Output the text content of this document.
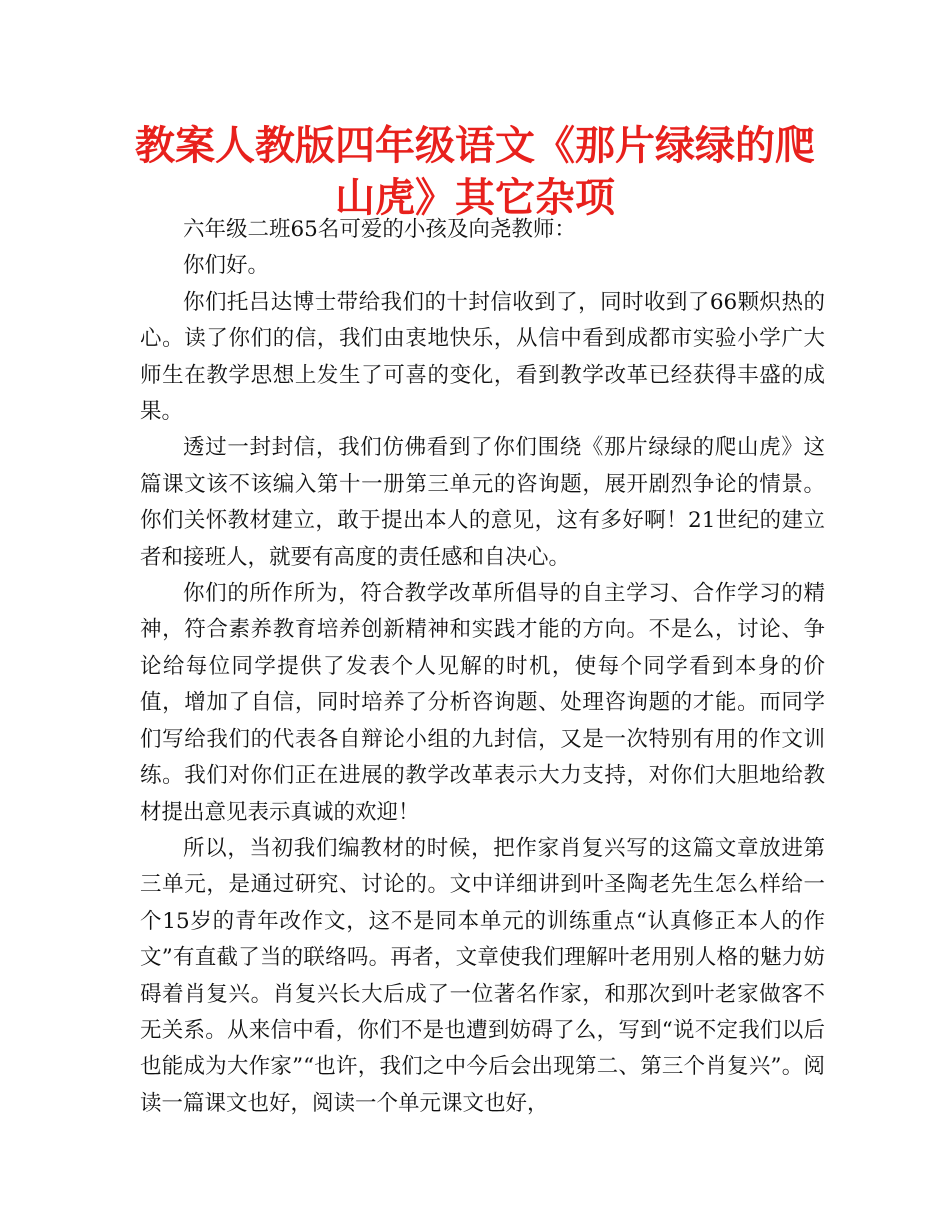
教案人教版四年级语文《那片绿绿的爬山虎》其它杂项

六年级二班65名可爱的小孩及向尧教师：

你们好。

你们托吕达博士带给我们的十封信收到了，同时收到了66颗炽热的心。读了你们的信，我们由衷地快乐，从信中看到成都市实验小学广大师生在教学思想上发生了可喜的变化，看到教学改革已经获得丰盛的成果。

透过一封封信，我们仿佛看到了你们围绕《那片绿绿的爬山虎》这篇课文该不该编入第十一册第三单元的咨询题，展开剧烈争论的情景。你们关怀教材建立，敢于提出本人的意见，这有多好啊！21世纪的建立者和接班人，就要有高度的责任感和自决心。

你们的所作所为，符合教学改革所倡导的自主学习、合作学习的精神，符合素养教育培养创新精神和实践才能的方向。不是么，讨论、争论给每位同学提供了发表个人见解的时机，使每个同学看到本身的价值，增加了自信，同时培养了分析咨询题、处理咨询题的才能。而同学们写给我们的代表各自辩论小组的九封信，又是一次特别有用的作文训练。我们对你们正在进展的教学改革表示大力支持，对你们大胆地给教材提出意见表示真诚的欢迎！

所以，当初我们编教材的时候，把作家肖复兴写的这篇文章放进第三单元，是通过研究、讨论的。文中详细讲到叶圣陶老先生怎么样给一个15岁的青年改作文，这不是同本单元的训练重点“认真修正本人的作文”有直截了当的联络吗。再者，文章使我们理解叶老用别人格的魅力妨碍着肖复兴。肖复兴长大后成了一位著名作家，和那次到叶老家做客不无关系。从来信中看，你们不是也遭到妨碍了么，写到“说不定我们以后也能成为大作家”“也许，我们之中今后会出现第二、第三个肖复兴”。阅读一篇课文也好，阅读一个单元课文也好，
